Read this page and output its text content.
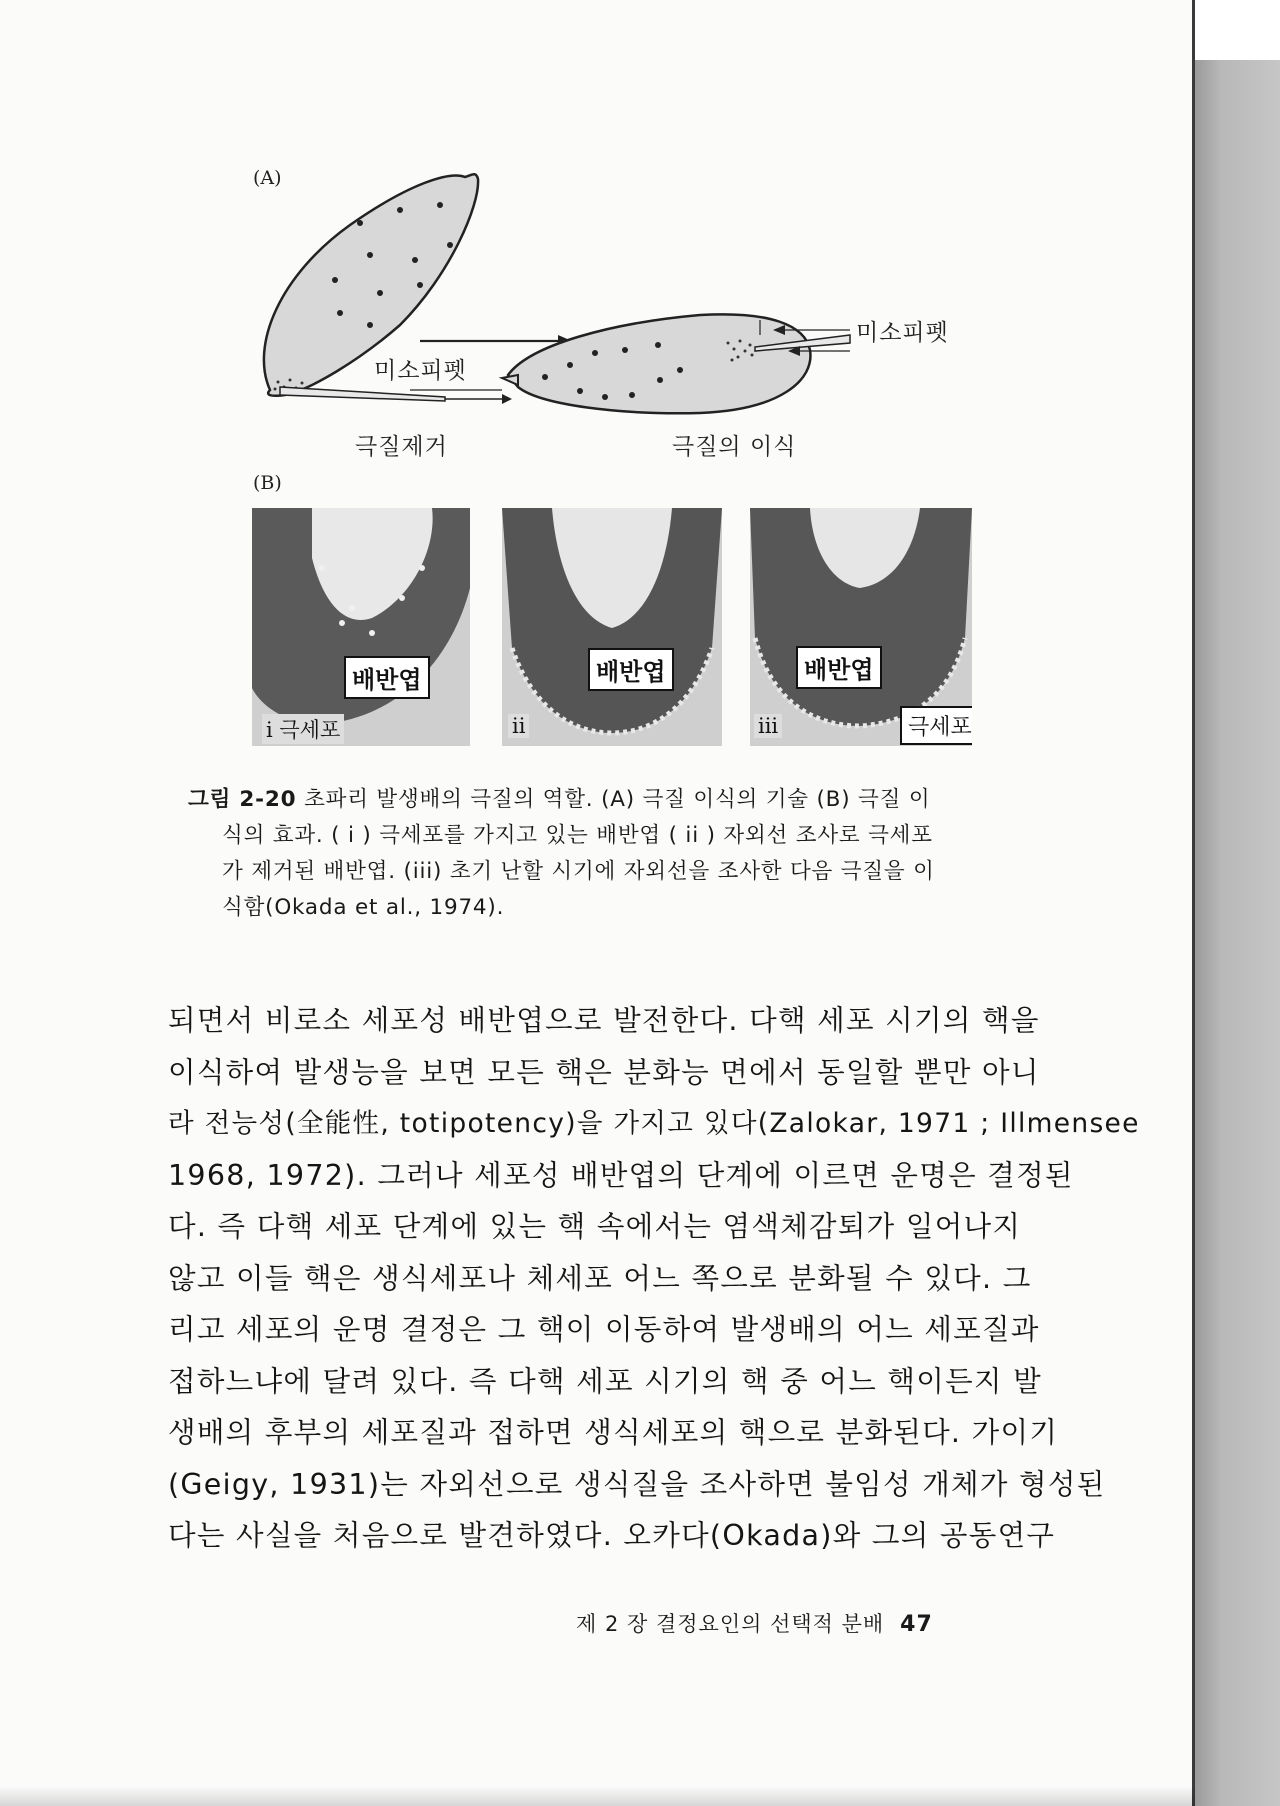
(A)
미소피펫
미소피펫
극질제거	극질의 이식
(B)
배반엽
i 극세포
배반엽
ii
배반엽
iii	극세포
그림 2-20 초파리 발생배의 극질의 역할. (A) 극질 이식의 기술 (B) 극질 이
식의 효과. ( i ) 극세포를 가지고 있는 배반엽 ( ii ) 자외선 조사로 극세포
가 제거된 배반엽. (iii) 초기 난할 시기에 자외선을 조사한 다음 극질을 이
식함(Okada et al., 1974).
되면서 비로소 세포성 배반엽으로 발전한다. 다핵 세포 시기의 핵을
이식하여 발생능을 보면 모든 핵은 분화능 면에서 동일할 뿐만 아니
라 전능성(全能性, totipotency)을 가지고 있다(Zalokar, 1971 ; Illmensee
1968, 1972). 그러나 세포성 배반엽의 단계에 이르면 운명은 결정된
다. 즉 다핵 세포 단계에 있는 핵 속에서는 염색체감퇴가 일어나지
않고 이들 핵은 생식세포나 체세포 어느 쪽으로 분화될 수 있다. 그
리고 세포의 운명 결정은 그 핵이 이동하여 발생배의 어느 세포질과
접하느냐에 달려 있다. 즉 다핵 세포 시기의 핵 중 어느 핵이든지 발
생배의 후부의 세포질과 접하면 생식세포의 핵으로 분화된다. 가이기
(Geigy, 1931)는 자외선으로 생식질을 조사하면 불임성 개체가 형성된
다는 사실을 처음으로 발견하였다. 오카다(Okada)와 그의 공동연구
제 2 장 결정요인의 선택적 분배 47
